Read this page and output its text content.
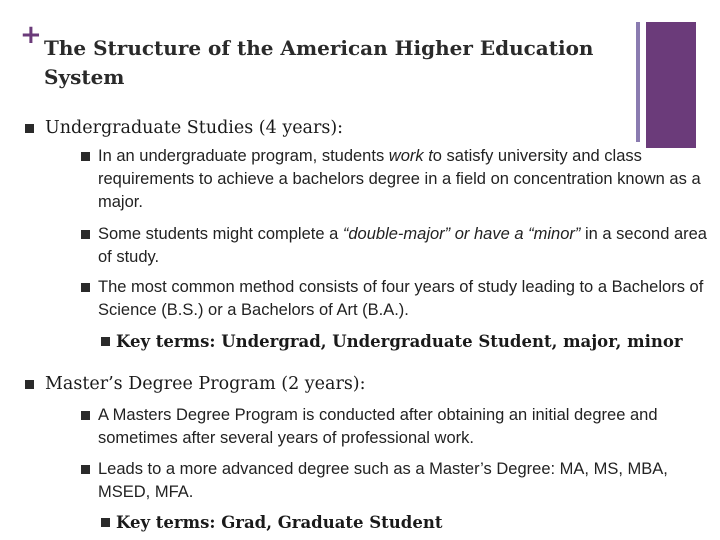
+ The Structure of the American Higher Education System
Undergraduate Studies (4 years):
In an undergraduate program, students work to satisfy university and class requirements to achieve a bachelors degree in a field on concentration known as a major.
Some students might complete a “double-major” or have a “minor” in a second area of study.
The most common method consists of four years of study leading to a Bachelors of Science (B.S.) or a Bachelors of Art (B.A.).
Key terms: Undergrad, Undergraduate Student, major, minor
Master’s Degree Program (2 years):
A Masters Degree Program is conducted after obtaining an initial degree and sometimes after several years of professional work.
Leads to a more advanced degree such as a Master’s Degree: MA, MS, MBA, MSED, MFA.
Key terms: Grad, Graduate Student
